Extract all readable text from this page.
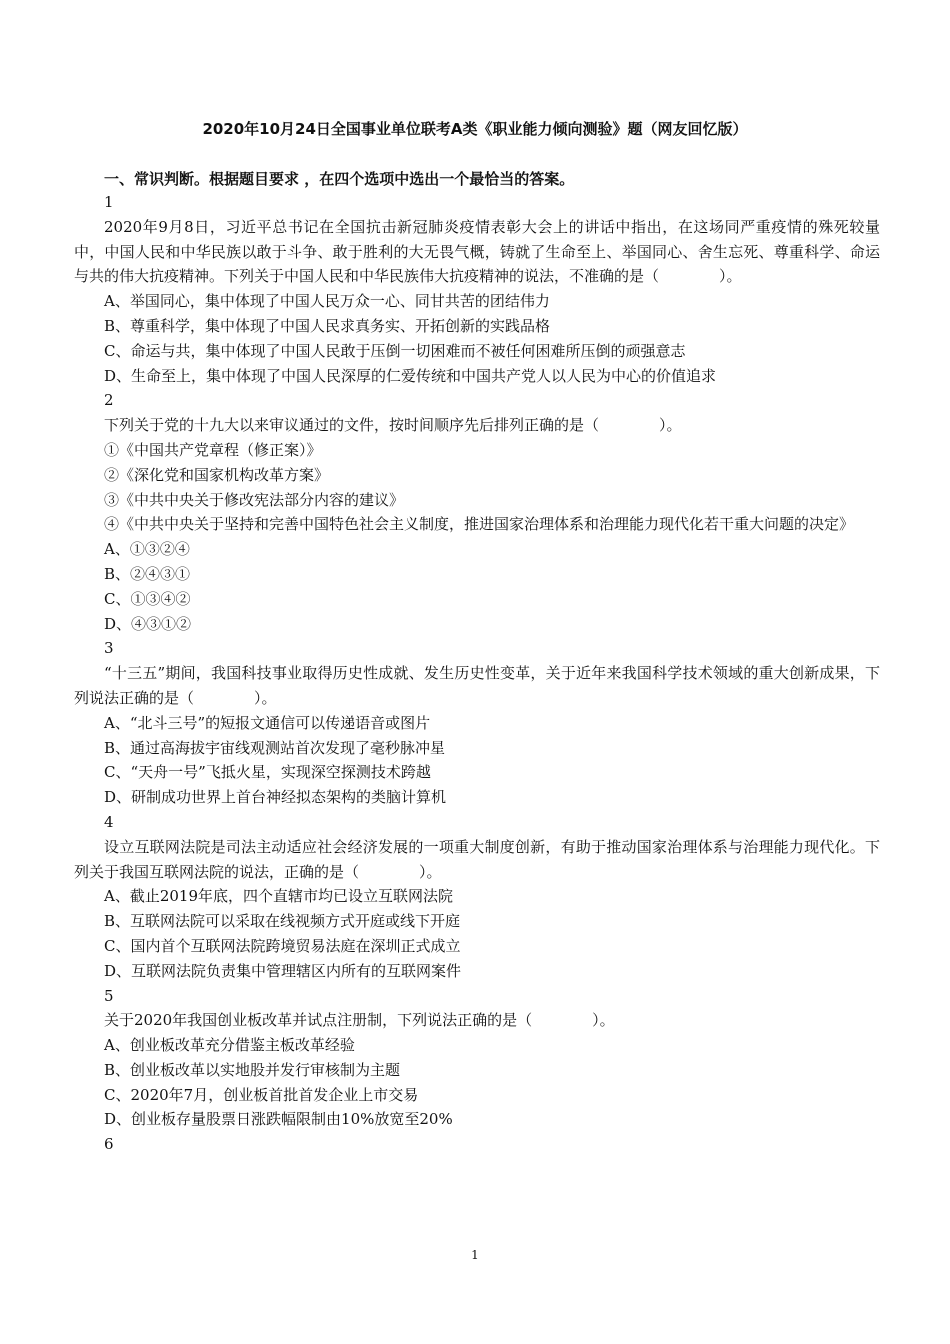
2020年10月24日全国事业单位联考A类《职业能力倾向测验》题（网友回忆版）
一、常识判断。根据题目要求 ，在四个选项中选出一个最恰当的答案。
1
2020年9月8日，习近平总书记在全国抗击新冠肺炎疫情表彰大会上的讲话中指出，在这场同严重疫情的殊死较量中，中国人民和中华民族以敢于斗争、敢于胜利的大无畏气概，铸就了生命至上、举国同心、舍生忘死、尊重科学、命运与共的伟大抗疫精神。下列关于中国人民和中华民族伟大抗疫精神的说法，不准确的是（　　　　）。
A、举国同心，集中体现了中国人民万众一心、同甘共苦的团结伟力
B、尊重科学，集中体现了中国人民求真务实、开拓创新的实践品格
C、命运与共，集中体现了中国人民敢于压倒一切困难而不被任何困难所压倒的顽强意志
D、生命至上，集中体现了中国人民深厚的仁爱传统和中国共产党人以人民为中心的价值追求
2
下列关于党的十九大以来审议通过的文件，按时间顺序先后排列正确的是（　　　　）。
①《中国共产党章程（修正案）》
②《深化党和国家机构改革方案》
③《中共中央关于修改宪法部分内容的建议》
④《中共中央关于坚持和完善中国特色社会主义制度，推进国家治理体系和治理能力现代化若干重大问题的决定》
A、①③②④
B、②④③①
C、①③④②
D、④③①②
3
“十三五”期间，我国科技事业取得历史性成就、发生历史性变革，关于近年来我国科学技术领域的重大创新成果，下列说法正确的是（　　　　）。
A、“北斗三号”的短报文通信可以传递语音或图片
B、通过高海拔宇宙线观测站首次发现了毫秒脉冲星
C、“天舟一号”飞抵火星，实现深空探测技术跨越
D、研制成功世界上首台神经拟态架构的类脑计算机
4
设立互联网法院是司法主动适应社会经济发展的一项重大制度创新，有助于推动国家治理体系与治理能力现代化。下列关于我国互联网法院的说法，正确的是（　　　　）。
A、截止2019年底，四个直辖市均已设立互联网法院
B、互联网法院可以采取在线视频方式开庭或线下开庭
C、国内首个互联网法院跨境贸易法庭在深圳正式成立
D、互联网法院负责集中管理辖区内所有的互联网案件
5
关于2020年我国创业板改革并试点注册制，下列说法正确的是（　　　　）。
A、创业板改革充分借鉴主板改革经验
B、创业板改革以实地股并发行审核制为主题
C、2020年7月，创业板首批首发企业上市交易
D、创业板存量股票日涨跌幅限制由10%放宽至20%
6
1
